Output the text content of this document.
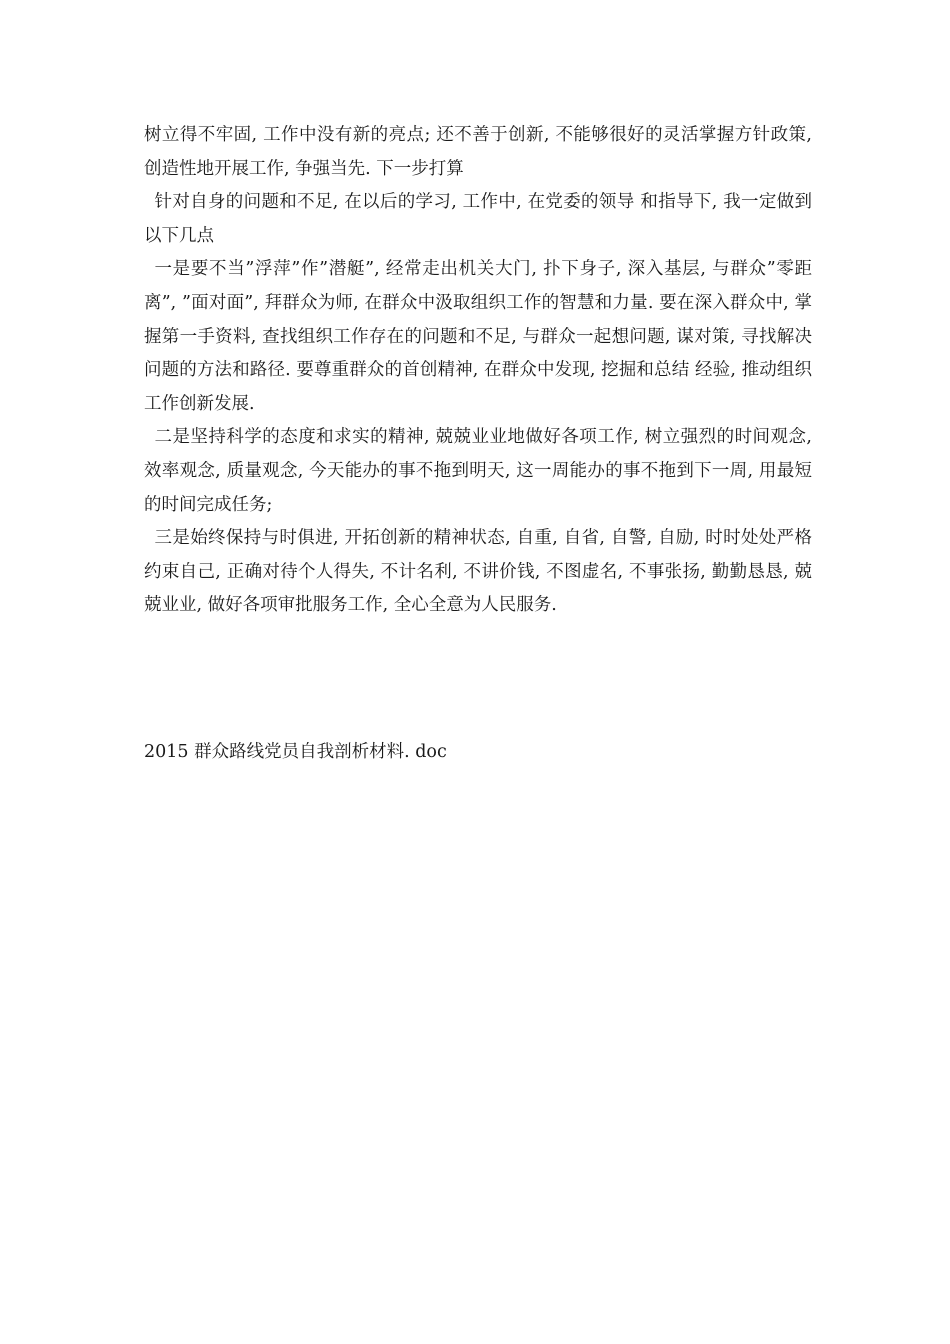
树立得不牢固, 工作中没有新的亮点; 还不善于创新, 不能够很好的灵活掌握方针政策, 创造性地开展工作, 争强当先. 下一步打算

针对自身的问题和不足, 在以后的学习, 工作中, 在党委的领导 和指导下, 我一定做到以下几点

一是要不当”浮萍”作”潜艇”, 经常走出机关大门, 扑下身子, 深入基层, 与群众”零距离”, ”面对面”, 拜群众为师, 在群众中汲取组织工作的智慧和力量. 要在深入群众中, 掌握第一手资料, 查找组织工作存在的问题和不足, 与群众一起想问题, 谋对策, 寻找解决问题的方法和路径. 要尊重群众的首创精神, 在群众中发现, 挖掘和总结 经验, 推动组织工作创新发展.

二是坚持科学的态度和求实的精神, 兢兢业业地做好各项工作, 树立强烈的时间观念, 效率观念, 质量观念, 今天能办的事不拖到明天, 这一周能办的事不拖到下一周, 用最短的时间完成任务;

三是始终保持与时俱进, 开拓创新的精神状态, 自重, 自省, 自警, 自励, 时时处处严格约束自己, 正确对待个人得失, 不计名利, 不讲价钱, 不图虚名, 不事张扬, 勤勤恳恳, 兢兢业业, 做好各项审批服务工作, 全心全意为人民服务.

2015 群众路线党员自我剖析材料. doc
